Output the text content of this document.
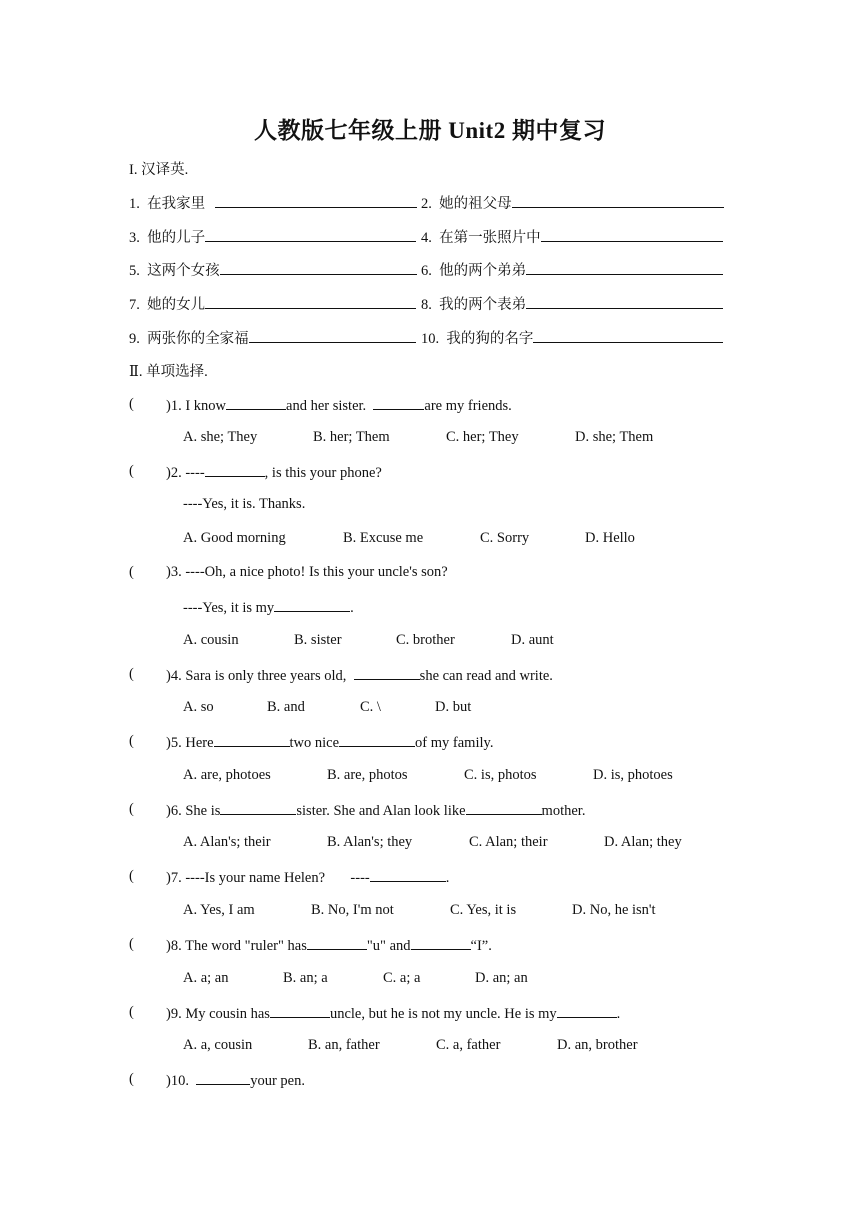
人教版七年级上册 Unit2 期中复习
I. 汉译英.
1. 在我家里	2. 她的祖父母
3. 他的儿子	4. 在第一张照片中
5. 这两个女孩	6. 他的两个弟弟
7. 她的女儿	8. 我的两个表弟
9. 两张你的全家福	10. 我的狗的名字
Ⅱ. 单项选择.
( )1. I know	and her sister.	are my friends.
A. she; They	B. her; Them	C. her; They	D. she; Them
( )2. ----	, is this your phone?
----Yes, it is. Thanks.
A. Good morning	B. Excuse me	C. Sorry	D. Hello
( )3. ----Oh, a nice photo! Is this your uncle's son?
----Yes, it is my	.
A. cousin	B. sister	C. brother	D. aunt
( )4. Sara is only three years old,	she can read and write.
A. so	B. and	C. \	D. but
( )5. Here	two nice	of my family.
A. are, photoes	B. are, photos	C. is, photos	D. is, photoes
( )6. She is	sister. She and Alan look like	mother.
A. Alan's; their	B. Alan's; they	C. Alan; their	D. Alan; they
( )7. ----Is your name Helen? ----	.
A. Yes, I am	B. No, I'm not	C. Yes, it is	D. No, he isn't
( )8. The word "ruler" has	"u" and	“I”.
A. a; an	B. an; a	C. a; a	D. an; an
( )9. My cousin has	uncle, but he is not my uncle. He is my	.
A. a, cousin	B. an, father	C. a, father	D. an, brother
( )10.	your pen.
